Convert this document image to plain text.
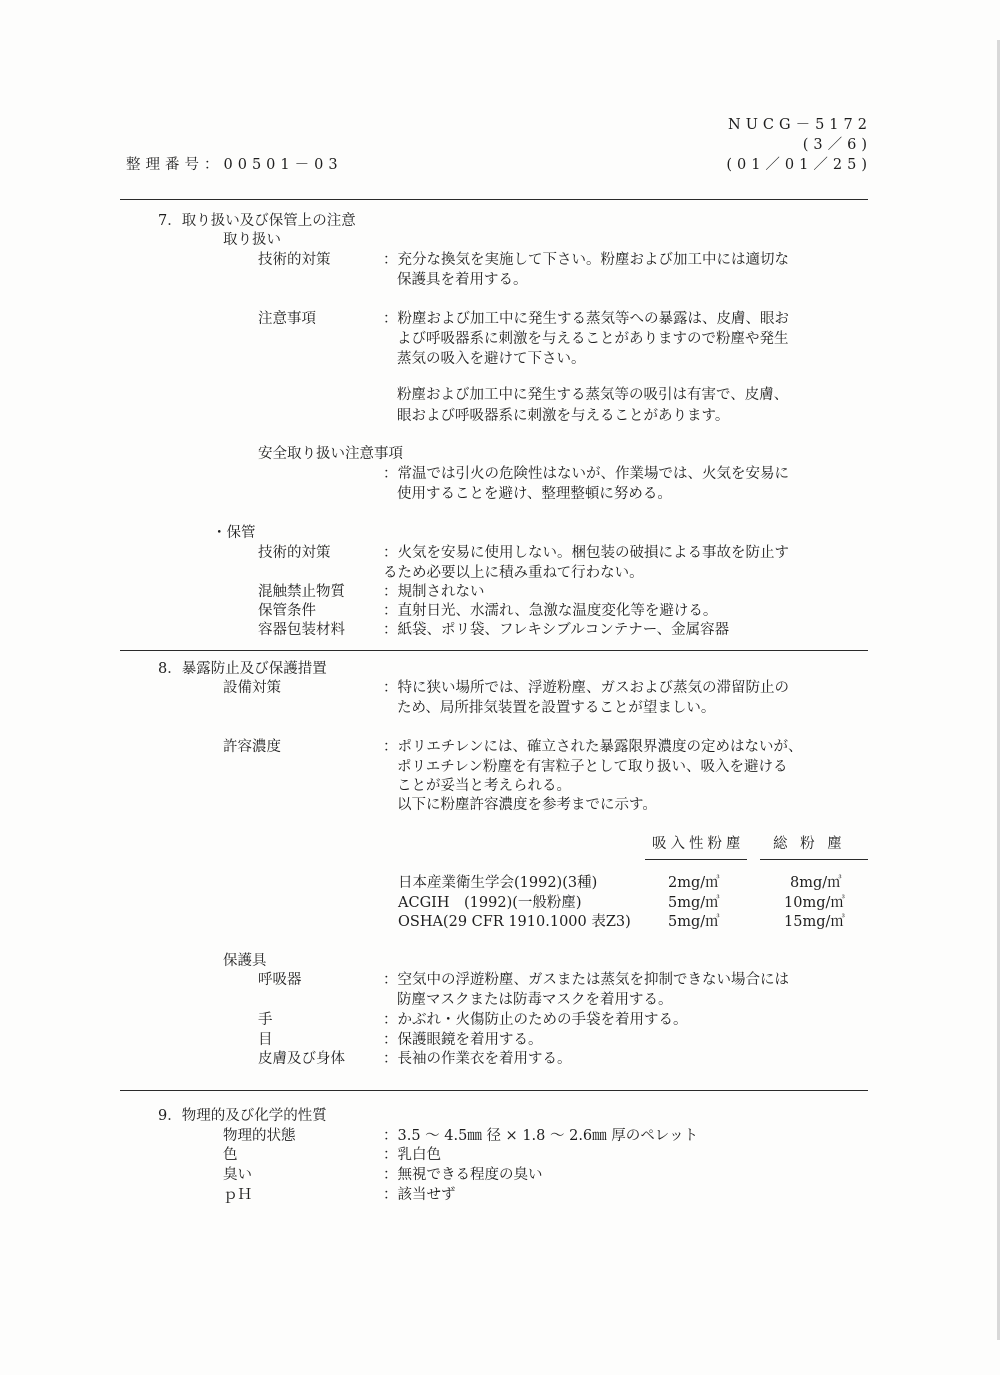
NUCG－5172
(3／6)
(01／01／25)
整理番号：00501－03
7．取り扱い及び保管上の注意
取り扱い
技術的対策	：充分な換気を実施して下さい。粉塵および加工中には適切な
保護具を着用する。
注意事項	：粉塵および加工中に発生する蒸気等への暴露は、皮膚、眼お
よび呼吸器系に刺激を与えることがありますので粉塵や発生
蒸気の吸入を避けて下さい。
粉塵および加工中に発生する蒸気等の吸引は有害で、皮膚、
眼および呼吸器系に刺激を与えることがあります。
安全取り扱い注意事項
：常温では引火の危険性はないが、作業場では、火気を安易に
使用することを避け、整理整頓に努める。
・保管
技術的対策	：火気を安易に使用しない。梱包装の破損による事故を防止す
るため必要以上に積み重ねて行わない。
混触禁止物質	：規制されない
保管条件	：直射日光、水濡れ、急激な温度変化等を避ける。
容器包装材料	：紙袋、ポリ袋、フレキシブルコンテナー、金属容器
8．暴露防止及び保護措置
設備対策	：特に狭い場所では、浮遊粉塵、ガスおよび蒸気の滞留防止の
ため、局所排気装置を設置することが望ましい。
許容濃度	：ポリエチレンには、確立された暴露限界濃度の定めはないが、
ポリエチレン粉塵を有害粒子として取り扱い、吸入を避ける
ことが妥当と考えられる。
以下に粉塵許容濃度を参考までに示す。
吸入性粉塵 総 粉 塵
日本産業衛生学会(1992)(3種)	2mg/㎥	8mg/㎥
ACGIH　(1992)(一般粉塵)	5mg/㎥	10mg/㎥
OSHA(29 CFR 1910.1000 表Z3)	5mg/㎥	15mg/㎥
保護具
呼吸器	：空気中の浮遊粉塵、ガスまたは蒸気を抑制できない場合には
防塵マスクまたは防毒マスクを着用する。
手	：かぶれ・火傷防止のための手袋を着用する。
目	：保護眼鏡を着用する。
皮膚及び身体	：長袖の作業衣を着用する。
9．物理的及び化学的性質
物理的状態	：3.5 ～ 4.5㎜ 径 × 1.8 ～ 2.6㎜ 厚のペレット
色	：乳白色
臭い	：無視できる程度の臭い
ｐＨ	：該当せず
